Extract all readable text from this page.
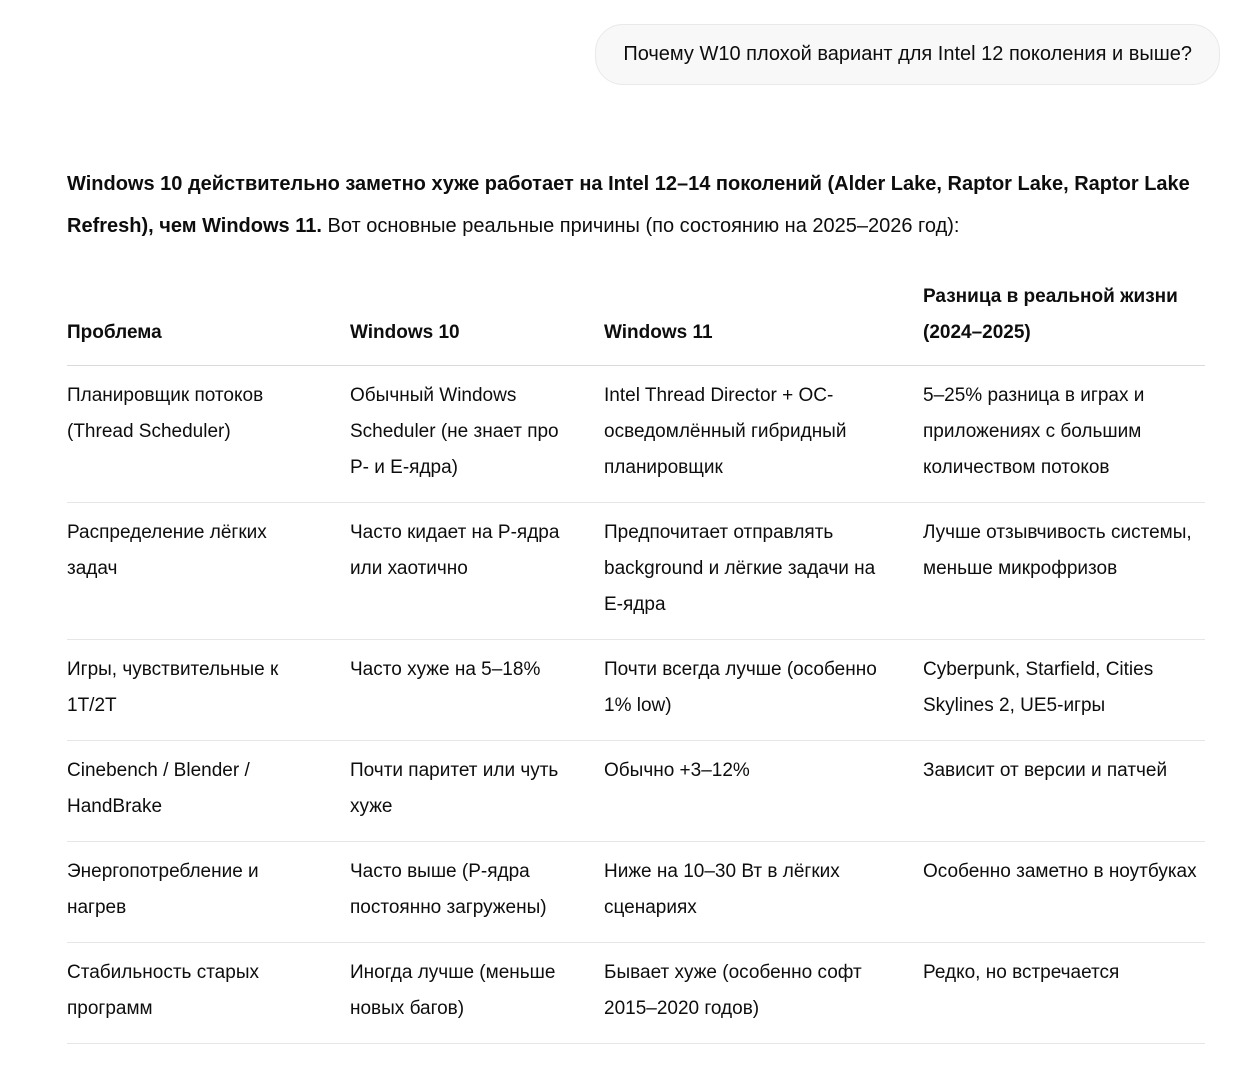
Почему W10 плохой вариант для Intel 12 поколения и выше?

Windows 10 действительно заметно хуже работает на Intel 12–14 поколений (Alder Lake, Raptor Lake, Raptor Lake Refresh), чем Windows 11. Вот основные реальные причины (по состоянию на 2025–2026 год):

Проблема	Windows 10	Windows 11	Разница в реальной жизни (2024–2025)
Планировщик потоков (Thread Scheduler)	Обычный Windows Scheduler (не знает про P- и E-ядра)	Intel Thread Director + ОС-осведомлённый гибридный планировщик	5–25% разница в играх и приложениях с большим количеством потоков
Распределение лёгких задач	Часто кидает на P-ядра или хаотично	Предпочитает отправлять background и лёгкие задачи на E-ядра	Лучше отзывчивость системы, меньше микрофризов
Игры, чувствительные к 1T/2T	Часто хуже на 5–18%	Почти всегда лучше (особенно 1% low)	Cyberpunk, Starfield, Cities Skylines 2, UE5-игры
Cinebench / Blender / HandBrake	Почти паритет или чуть хуже	Обычно +3–12%	Зависит от версии и патчей
Энергопотребление и нагрев	Часто выше (P-ядра постоянно загружены)	Ниже на 10–30 Вт в лёгких сценариях	Особенно заметно в ноутбуках
Стабильность старых программ	Иногда лучше (меньше новых багов)	Бывает хуже (особенно софт 2015–2020 годов)	Редко, но встречается
